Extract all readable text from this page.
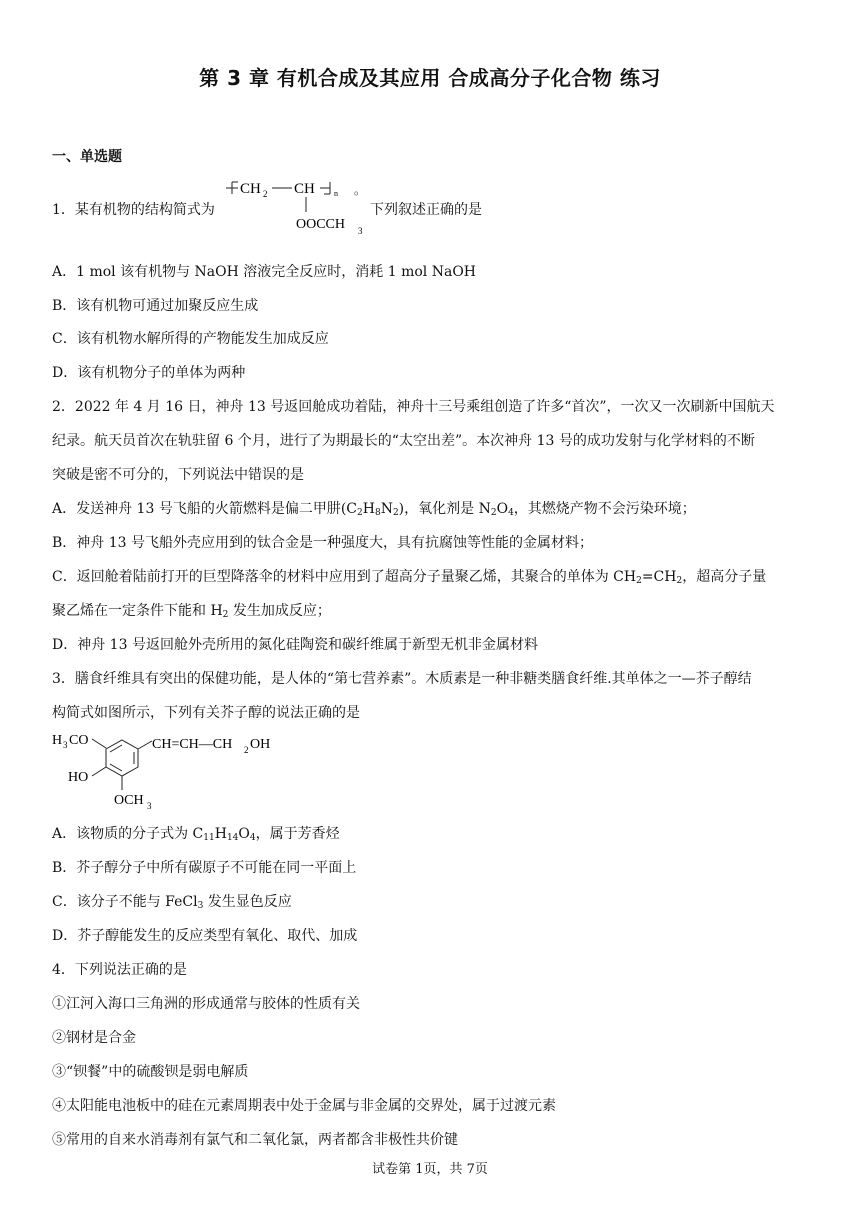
第 3 章 有机合成及其应用 合成高分子化合物 练习
一、单选题
1．某有机物的结构简式为
CH 2 CH n 。
OOCCH 3
下列叙述正确的是
A．1 mol 该有机物与 NaOH 溶液完全反应时，消耗 1 mol NaOH
B．该有机物可通过加聚反应生成
C．该有机物水解所得的产物能发生加成反应
D．该有机物分子的单体为两种
2．2022 年 4 月 16 日，神舟 13 号返回舱成功着陆，神舟十三号乘组创造了许多“首次”，一次又一次刷新中国航天
纪录。航天员首次在轨驻留 6 个月，进行了为期最长的“太空出差”。本次神舟 13 号的成功发射与化学材料的不断
突破是密不可分的，下列说法中错误的是
A．发送神舟 13 号飞船的火箭燃料是偏二甲肼$(C_2H_8N_2)$，氧化剂是 $N_2O_4$，其燃烧产物不会污染环境；
B．神舟 13 号飞船外壳应用到的钛合金是一种强度大，具有抗腐蚀等性能的金属材料；
C．返回舱着陆前打开的巨型降落伞的材料中应用到了超高分子量聚乙烯，其聚合的单体为 $CH_2=CH_2$，超高分子量
聚乙烯在一定条件下能和 $H_2$ 发生加成反应；
D．神舟 13 号返回舱外壳所用的氮化硅陶瓷和碳纤维属于新型无机非金属材料
3．膳食纤维具有突出的保健功能，是人体的“第七营养素”。木质素是一种非糖类膳食纤维.其单体之一—芥子醇结
构简式如图所示，下列有关芥子醇的说法正确的是
H 3 CO	CH=CH—CH 2 OH
HO
OCH 3
A．该物质的分子式为 $C_{11}H_{14}O_4$，属于芳香烃
B．芥子醇分子中所有碳原子不可能在同一平面上
C．该分子不能与 FeCl$_3$ 发生显色反应
D．芥子醇能发生的反应类型有氧化、取代、加成
4．下列说法正确的是
①江河入海口三角洲的形成通常与胶体的性质有关
②钢材是合金
③“钡餐”中的硫酸钡是弱电解质
④太阳能电池板中的硅在元素周期表中处于金属与非金属的交界处，属于过渡元素
⑤常用的自来水消毒剂有氯气和二氧化氯，两者都含非极性共价键
试卷第 1页，共 7页
